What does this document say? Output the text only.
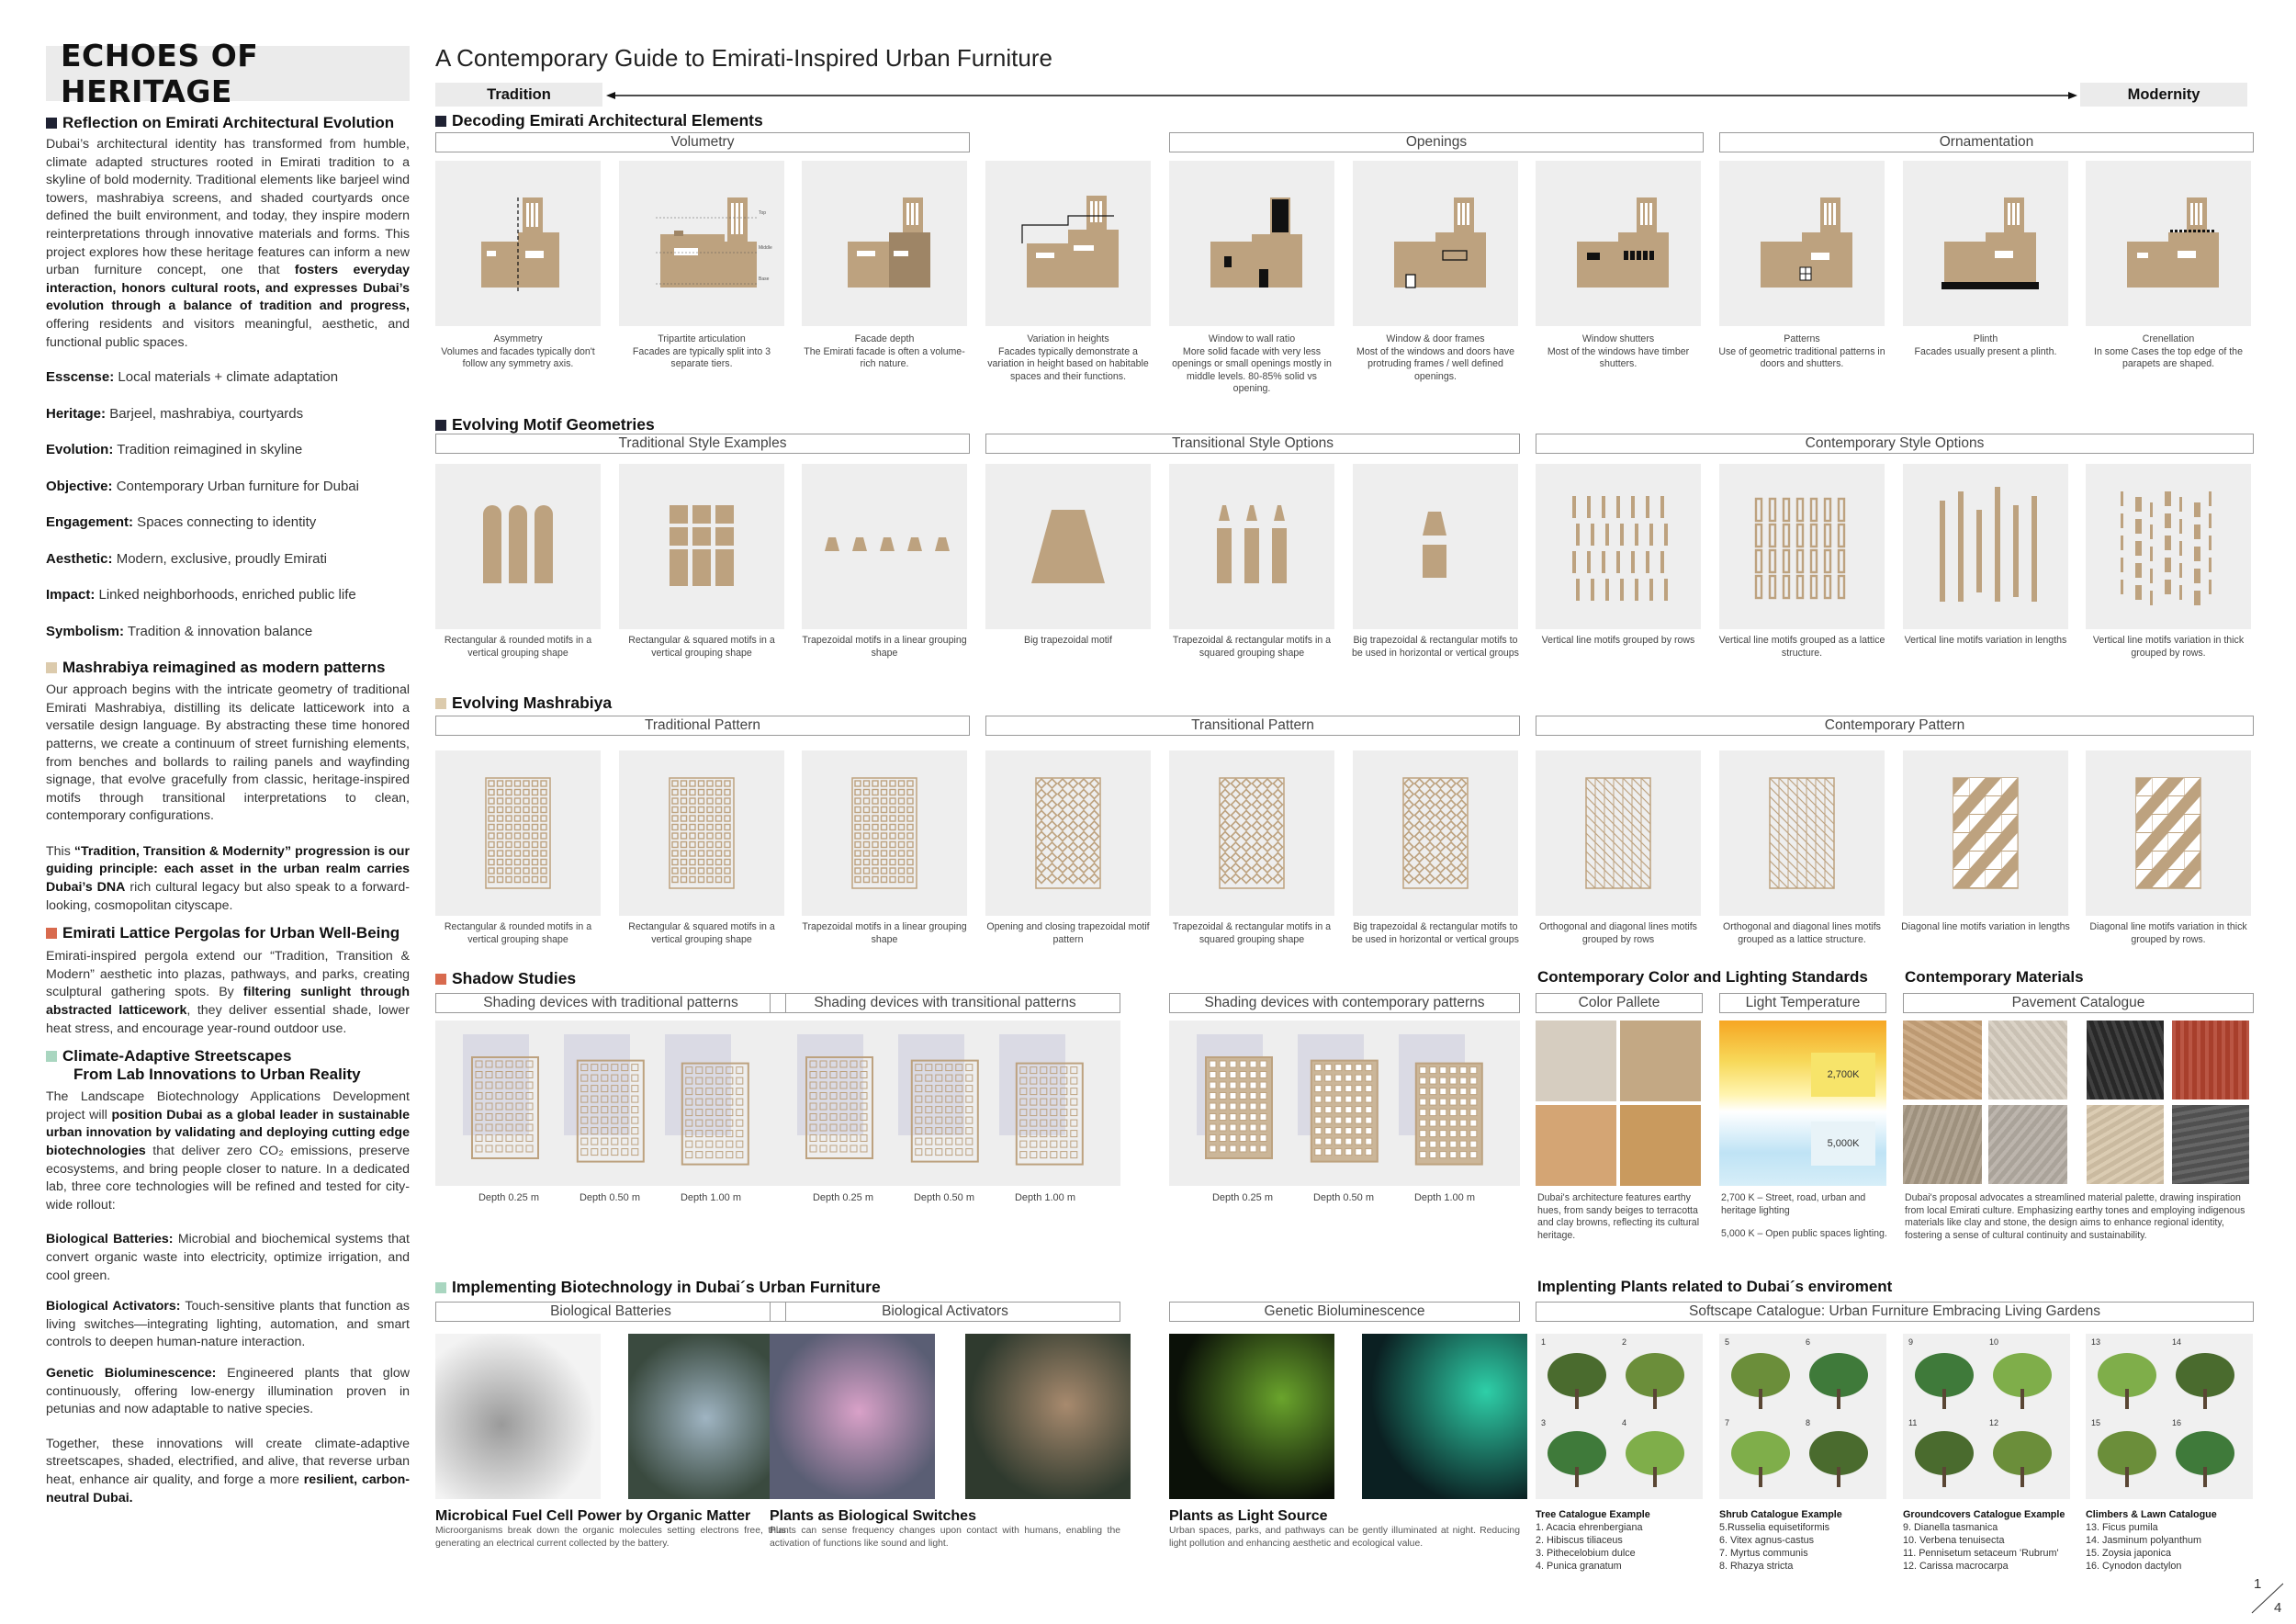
ECHOES OF HERITAGE
Reflection on Emirati Architectural Evolution

Dubai’s architectural identity has transformed from humble, climate adapted structures rooted in Emirati tradition to a skyline of bold modernity. Traditional elements like barjeel wind towers, mashrabiya screens, and shaded courtyards once defined the built environment, and today, they inspire modern reinterpretations through innovative materials and forms. This project explores how these heritage features can inform a new urban furniture concept, one that fosters everyday interaction, honors cultural roots, and expresses Dubai’s evolution through a balance of tradition and progress, offering residents and visitors meaningful, aesthetic, and functional public spaces.

Esscense: Local materials + climate adaptation

Heritage: Barjeel, mashrabiya, courtyards

Evolution: Tradition reimagined in skyline

Objective: Contemporary Urban furniture for Dubai

Engagement: Spaces connecting to identity

Aesthetic: Modern, exclusive, proudly Emirati

Impact: Linked neighborhoods, enriched public life

Symbolism: Tradition & innovation balance

Mashrabiya reimagined as modern patterns

Our approach begins with the intricate geometry of traditional Emirati Mashrabiya, distilling its delicate latticework into a versatile design language. By abstracting these time honored patterns, we create a continuum of street furnishing elements, from benches and bollards to railing panels and wayfinding signage, that evolve gracefully from classic, heritage-inspired motifs through transitional interpretations to clean, contemporary configurations.

This “Tradition, Transition & Modernity” progression is our guiding principle: each asset in the urban realm carries Dubai’s DNA rich cultural legacy but also speak to a forward-looking, cosmopolitan cityscape.

Emirati Lattice Pergolas for Urban Well-Being

Emirati-inspired pergola extend our “Tradition, Transition & Modern” aesthetic into plazas, pathways, and parks, creating sculptural gathering spots. By filtering sunlight through abstracted latticework, they deliver essential shade, lower heat stress, and encourage year-round outdoor use.

Climate-Adaptive Streetscapes
From Lab Innovations to Urban Reality

The Landscape Biotechnology Applications Development project will position Dubai as a global leader in sustainable urban innovation by validating and deploying cutting edge biotechnologies that deliver zero CO₂ emissions, preserve ecosystems, and bring people closer to nature. In a dedicated lab, three core technologies will be refined and tested for city-wide rollout:

Biological Batteries: Microbial and biochemical systems that convert organic waste into electricity, optimize irrigation, and cool green.

Biological Activators: Touch-sensitive plants that function as living switches—integrating lighting, automation, and smart controls to deepen human-nature interaction.

Genetic Bioluminescence: Engineered plants that glow continuously, offering low-energy illumination proven in petunias and now adaptable to native species.

Together, these innovations will create climate-adaptive streetscapes, shaded, electrified, and alive, that reverse urban heat, enhance air quality, and forge a more resilient, carbon-neutral Dubai.

A Contemporary Guide to Emirati-Inspired Urban Furniture
Tradition	Modernity
Decoding Emirati Architectural Elements
Volumetry	Openings	Ornamentation
Asymmetry
Volumes and facades typically don't follow any symmetry axis.
Top
Middle
Base
Tripartite articulation
Facades are typically split into 3 separate tiers.
Facade depth
The Emirati facade is often a volume-rich nature.
Variation in heights
Facades typically demonstrate a variation in height based on habitable spaces and their functions.
Window to wall ratio
More solid facade with very less openings or small openings mostly in middle levels. 80-85% solid vs opening.
Window & door frames
Most of the windows and doors have protruding frames / well defined openings.
Window shutters
Most of the windows have timber shutters.
Patterns
Use of geometric traditional patterns in doors and shutters.
Plinth
Facades usually present a plinth.
Crenellation
In some Cases the top edge of the parapets are shaped.
Evolving Motif Geometries
Traditional Style Examples	Transitional Style Options	Contemporary Style Options
Rectangular & rounded motifs in a vertical grouping shape
Rectangular & squared motifs in a vertical grouping shape
Trapezoidal motifs in a linear grouping shape
Big trapezoidal motif	Trapezoidal & rectangular motifs in a squared grouping shape
Big trapezoidal & rectangular motifs to be used in horizontal or vertical groups
Vertical line motifs grouped by rows	Vertical line motifs grouped as a lattice structure.
Vertical line motifs variation in lengths	Vertical line motifs variation in thick grouped by rows.
Evolving Mashrabiya
Traditional Pattern	Transitional Pattern	Contemporary Pattern
Rectangular & rounded motifs in a vertical grouping shape
Rectangular & squared motifs in a vertical grouping shape
Trapezoidal motifs in a linear grouping shape
Opening and closing trapezoidal motif pattern
Trapezoidal & rectangular motifs in a squared grouping shape
Big trapezoidal & rectangular motifs to be used in horizontal or vertical groups
Orthogonal and diagonal lines motifs grouped by rows
Orthogonal and diagonal lines motifs grouped as a lattice structure.
Diagonal line motifs variation in lengths	Diagonal line motifs variation in thick grouped by rows.
Shadow Studies
Shading devices with traditional patterns	Shading devices with transitional patterns	Shading devices with contemporary patterns
Depth 0.25 m	Depth 0.50 m	Depth 1.00 m	Depth 0.25 m	Depth 0.50 m	Depth 1.00 m	Depth 0.25 m	Depth 0.50 m	Depth 1.00 m
Contemporary Color and Lighting Standards
Color Pallete	Light Temperature
2,700K
5,000K
Dubai's architecture features earthy hues, from sandy beiges to terracotta and clay browns, reflecting its cultural heritage.
2,700 K – Street, road, urban and heritage lighting
5,000 K – Open public spaces lighting.
Contemporary Materials
Pavement Catalogue
Dubai's proposal advocates a streamlined material palette, drawing inspiration from local Emirati culture. Emphasizing earthy tones and employing indigenous materials like clay and stone, the design aims to enhance regional identity, fostering a sense of cultural continuity and sustainability.
Implementing Biotechnology in Dubai´s Urban Furniture
Biological Batteries	Biological Activators	Genetic Bioluminescence
Microbical Fuel Cell Power by Organic Matter
Microorganisms break down the organic molecules setting electrons free, thus generating an electrical current collected by the battery.
Plants as Biological Switches
Plants can sense frequency changes upon contact with humans, enabling the activation of functions like sound and light.
Plants as Light Source
Urban spaces, parks, and pathways can be gently illuminated at night. Reducing light pollution and enhancing aesthetic and ecological value.
Implenting Plants related to Dubai´s enviroment
Softscape Catalogue: Urban Furniture Embracing Living Gardens
1	2
3	4
Tree Catalogue Example
1. Acacia ehrenbergiana
2. Hibiscus tiliaceus
3. Pithecelobium dulce
4. Punica granatum
5	6
7	8
Shrub Catalogue Example
5.Russelia equisetiformis
6. Vitex agnus-castus
7. Myrtus communis
8. Rhazya stricta
9	10
11	12
Groundcovers Catalogue Example
9. Dianella tasmanica
10. Verbena tenuisecta
11. Pennisetum setaceum 'Rubrum'
12. Carissa macrocarpa
13	14
15	16
Climbers & Lawn Catalogue
13. Ficus pumila
14. Jasminum polyanthum
15. Zoysia japonica
16. Cynodon dactylon
1
4
